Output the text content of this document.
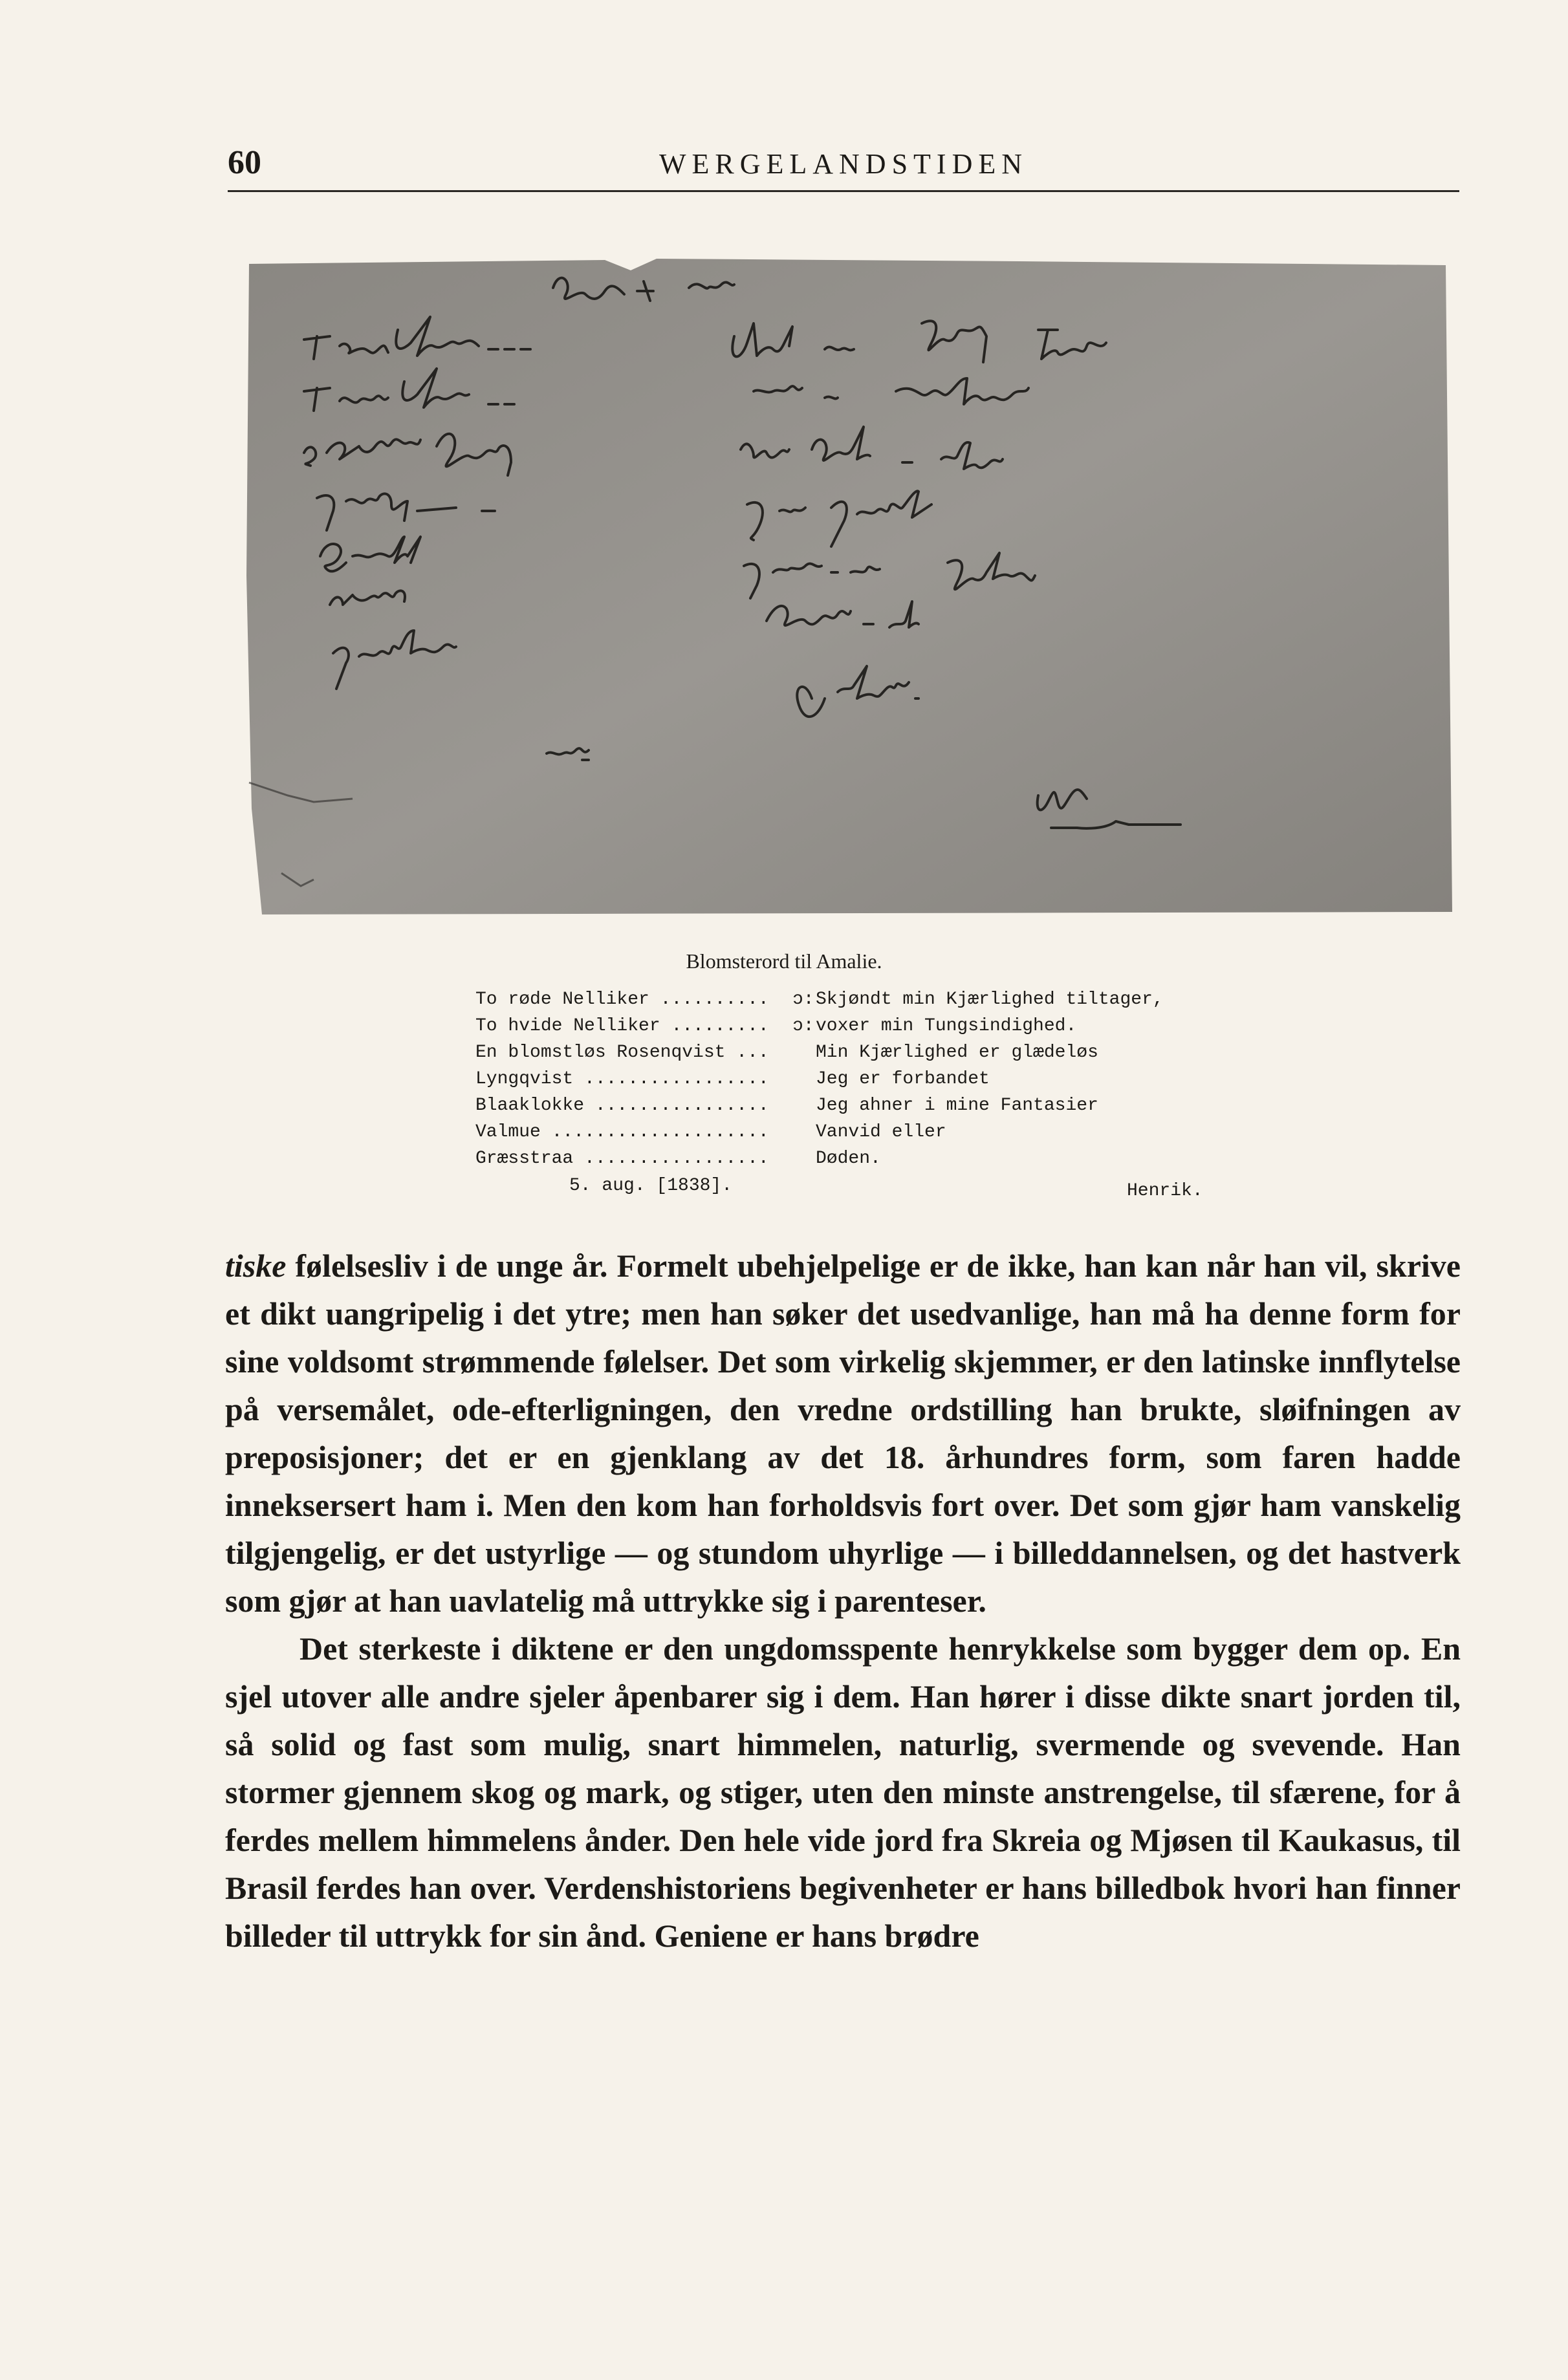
60	WERGELANDSTIDEN
Blomsterord til Amalie.
To røde Nelliker ..........	ɔ: Skjøndt min Kjærlighed tiltager,
To hvide Nelliker .........	ɔ: voxer min Tungsindighed.
En blomstløs Rosenqvist ...	Min Kjærlighed er glædeløs
Lyngqvist .................	Jeg er forbandet
Blaaklokke ................	Jeg ahner i mine Fantasier
Valmue ....................	Vanvid eller
Græsstraa .................	Døden.
5. aug. [1838].	Henrik.

tiske følelsesliv i de unge år. Formelt ubehjelpelige er de ikke, han kan når han vil, skrive et dikt uangripelig i det ytre; men han søker det usedvanlige, han må ha denne form for sine voldsomt strømmende følelser. Det som virkelig skjemmer, er den latinske innflytelse på versemålet, ode-efterligningen, den vredne ordstilling han brukte, sløifningen av preposisjoner; det er en gjenklang av det 18. århundres form, som faren hadde inneksersert ham i. Men den kom han forholdsvis fort over. Det som gjør ham vanskelig tilgjengelig, er det ustyrlige — og stundom uhyrlige — i billeddannelsen, og det hastverk som gjør at han uavlatelig må uttrykke sig i parenteser.

Det sterkeste i diktene er den ungdomsspente henrykkelse som bygger dem op. En sjel utover alle andre sjeler åpenbarer sig i dem. Han hører i disse dikte snart jorden til, så solid og fast som mulig, snart himmelen, naturlig, svermende og svevende. Han stormer gjennem skog og mark, og stiger, uten den minste anstrengelse, til sfærene, for å ferdes mellem himmelens ånder. Den hele vide jord fra Skreia og Mjøsen til Kaukasus, til Brasil ferdes han over. Verdenshistoriens begivenheter er hans billedbok hvori han finner billeder til uttrykk for sin ånd. Geniene er hans brødre
